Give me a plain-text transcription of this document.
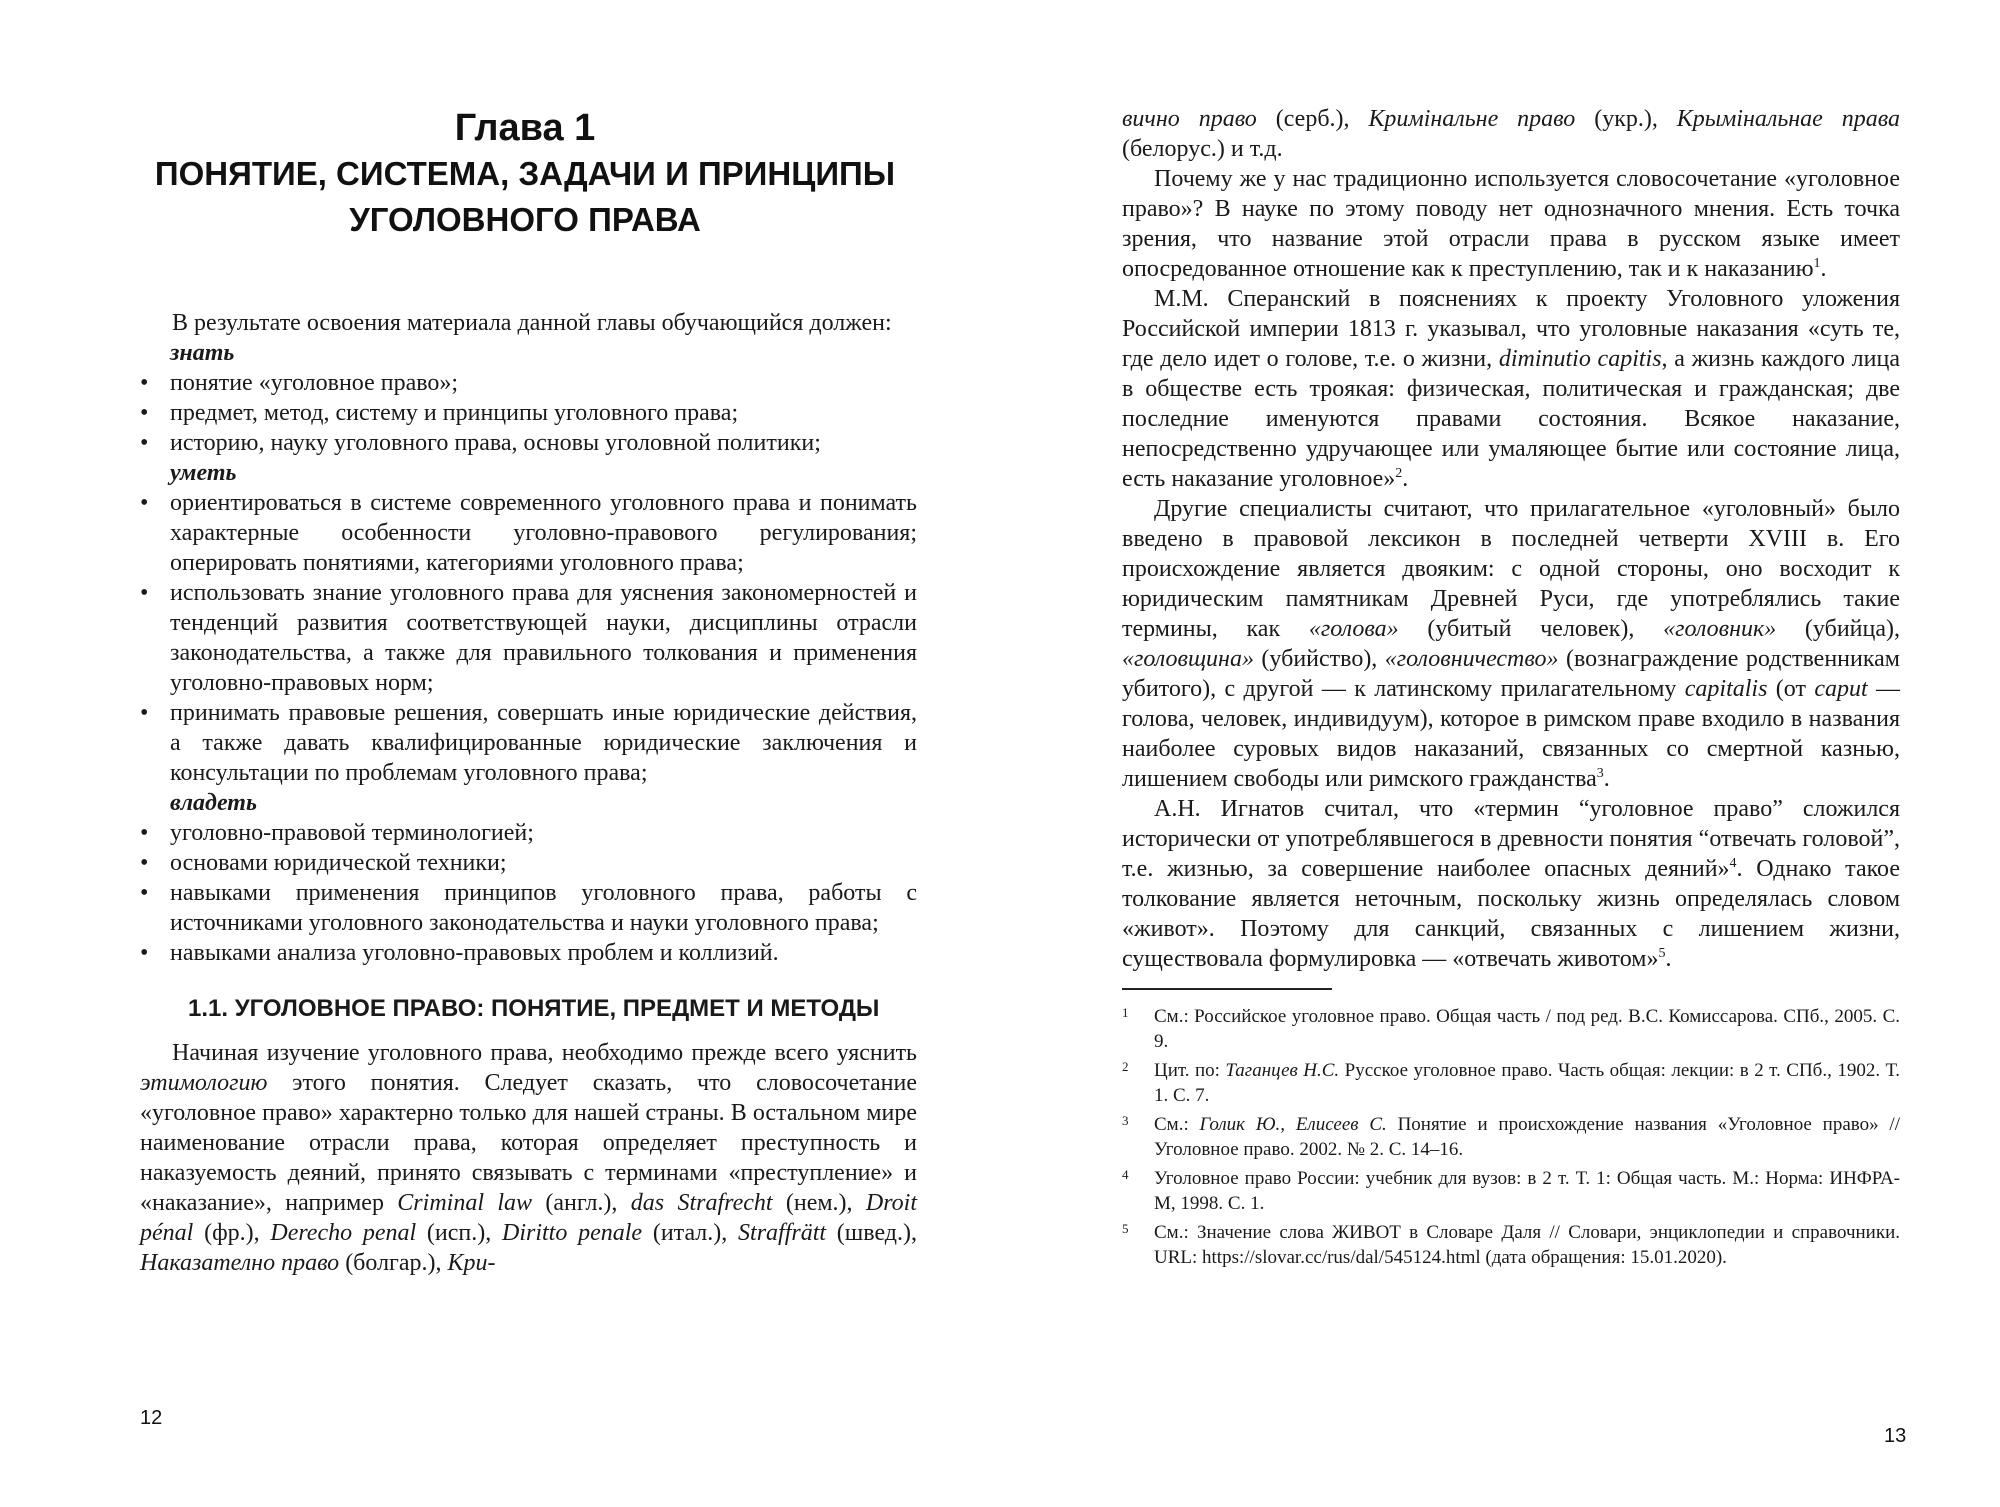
Глава 1
ПОНЯТИЕ, СИСТЕМА, ЗАДАЧИ И ПРИНЦИПЫ УГОЛОВНОГО ПРАВА

В результате освоения материала данной главы обучающийся должен:

знать
• понятие «уголовное право»;
• предмет, метод, систему и принципы уголовного права;
• историю, науку уголовного права, основы уголовной политики;
уметь
• ориентироваться в системе современного уголовного права и понимать характерные особенности уголовно-правового регулирования; оперировать понятиями, категориями уголовного права;
• использовать знание уголовного права для уяснения закономерностей и тенденций развития соответствующей науки, дисциплины отрасли законодательства, а также для правильного толкования и применения уголовно-правовых норм;
• принимать правовые решения, совершать иные юридические действия, а также давать квалифицированные юридические заключения и консультации по проблемам уголовного права;
владеть
• уголовно-правовой терминологией;
• основами юридической техники;
• навыками применения принципов уголовного права, работы с источниками уголовного законодательства и науки уголовного права;
• навыками анализа уголовно-правовых проблем и коллизий.
1.1. УГОЛОВНОЕ ПРАВО: ПОНЯТИЕ, ПРЕДМЕТ И МЕТОДЫ

Начиная изучение уголовного права, необходимо прежде всего уяснить этимологию этого понятия. Следует сказать, что словосочетание «уголовное право» характерно только для нашей страны. В остальном мире наименование отрасли права, которая определяет преступность и наказуемость деяний, принято связывать с терминами «преступление» и «наказание», например Criminal law (англ.), das Strafrecht (нем.), Droit pénal (фр.), Derecho penal (исп.), Diritto penale (итал.), Straffrätt (швед.), Наказателно право (болгар.), Кри-

12

вично право (серб.), Кримінальне право (укр.), Крымінальнае права (белорус.) и т.д.

Почему же у нас традиционно используется словосочетание «уголовное право»? В науке по этому поводу нет однозначного мнения. Есть точка зрения, что название этой отрасли права в русском языке имеет опосредованное отношение как к преступлению, так и к наказанию$^1$.

М.М. Сперанский в пояснениях к проекту Уголовного уложения Российской империи 1813 г. указывал, что уголовные наказания «суть те, где дело идет о голове, т.е. о жизни, diminutio capitis, а жизнь каждого лица в обществе есть трoякая: физическая, политическая и гражданская; две последние именуются правами состояния. Всякое наказание, непосредственно удручающее или умаляющее бытие или состояние лица, есть наказание уголовное»$^2$.

Другие специалисты считают, что прилагательное «уголовный» было введено в правовой лексикон в последней четверти XVIII в. Его происхождение является двояким: с одной стороны, оно восходит к юридическим памятникам Древней Руси, где употреблялись такие термины, как «голова» (убитый человек), «головник» (убийца), «головщина» (убийство), «головничество» (вознаграждение родственникам убитого), с другой — к латинскому прилагательному capitalis (от caput — голова, человек, индивидуум), которое в римском праве входило в названия наиболее суровых видов наказаний, связанных со смертной казнью, лишением свободы или римского гражданства$^3$.

А.Н. Игнатов считал, что «термин “уголовное право” сложился исторически от употреблявшегося в древности понятия “отвечать головой”, т.е. жизнью, за совершение наиболее опасных деяний»$^4$. Однако такое толкование является неточным, поскольку жизнь определялась словом «живот». Поэтому для санкций, связанных с лишением жизни, существовала формулировка — «отвечать животом»$^5$.

1 См.: Российское уголовное право. Общая часть / под ред. В.С. Комиссарова. СПб., 2005. С. 9.
2 Цит. по: Таганцев Н.С. Русское уголовное право. Часть общая: лекции: в 2 т. СПб., 1902. Т. 1. С. 7.
3 См.: Голик Ю., Елисеев С. Понятие и происхождение названия «Уголовное право» // Уголовное право. 2002. № 2. С. 14–16.
4 Уголовное право России: учебник для вузов: в 2 т. Т. 1: Общая часть. М.: Норма: ИНФРА-М, 1998. С. 1.
5 См.: Значение слова ЖИВОТ в Словаре Даля // Словари, энциклопедии и справочники. URL: https://slovar.cc/rus/dal/545124.html (дата обращения: 15.01.2020).
13
